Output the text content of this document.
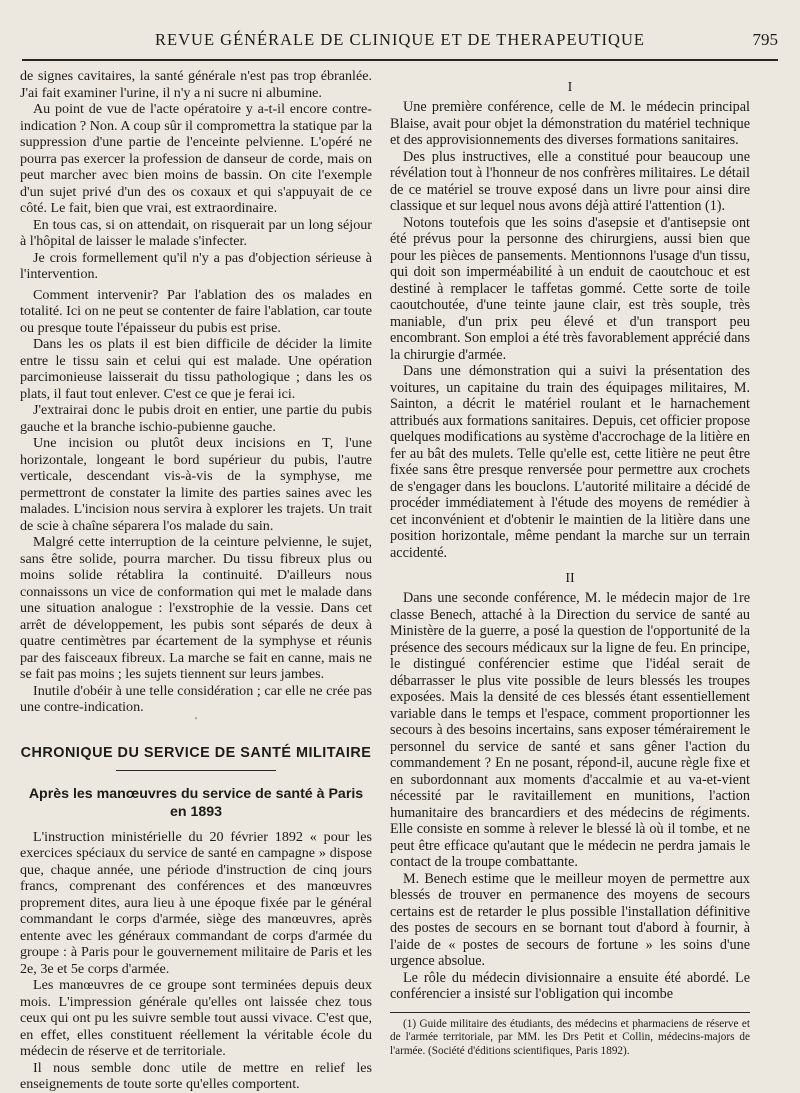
REVUE GÉNÉRALE DE CLINIQUE ET DE THERAPEUTIQUE	795

de signes cavitaires, la santé générale n'est pas trop ébranlée. J'ai fait examiner l'urine, il n'y a ni sucre ni albumine.

Au point de vue de l'acte opératoire y a-t-il encore contre-indication ? Non. A coup sûr il compromettra la statique par la suppression d'une partie de l'enceinte pelvienne. L'opéré ne pourra pas exercer la profession de danseur de corde, mais on peut marcher avec bien moins de bassin. On cite l'exemple d'un sujet privé d'un des os coxaux et qui s'appuyait de ce côté. Le fait, bien que vrai, est extraordinaire.

En tous cas, si on attendait, on risquerait par un long séjour à l'hôpital de laisser le malade s'infecter.

Je crois formellement qu'il n'y a pas d'objection sérieuse à l'intervention.

Comment intervenir? Par l'ablation des os malades en totalité. Ici on ne peut se contenter de faire l'ablation, car toute ou presque toute l'épaisseur du pubis est prise.

Dans les os plats il est bien difficile de décider la limite entre le tissu sain et celui qui est malade. Une opération parcimonieuse laisserait du tissu pathologique ; dans les os plats, il faut tout enlever. C'est ce que je ferai ici.

J'extrairai donc le pubis droit en entier, une partie du pubis gauche et la branche ischio-pubienne gauche.

Une incision ou plutôt deux incisions en T, l'une horizontale, longeant le bord supérieur du pubis, l'autre verticale, descendant vis-à-vis de la symphyse, me permettront de constater la limite des parties saines avec les malades. L'incision nous servira à explorer les trajets. Un trait de scie à chaîne séparera l'os malade du sain.

Malgré cette interruption de la ceinture pelvienne, le sujet, sans être solide, pourra marcher. Du tissu fibreux plus ou moins solide rétablira la continuité. D'ailleurs nous connaissons un vice de conformation qui met le malade dans une situation analogue : l'exstrophie de la vessie. Dans cet arrêt de développement, les pubis sont séparés de deux à quatre centimètres par écartement de la symphyse et réunis par des faisceaux fibreux. La marche se fait en canne, mais ne se fait pas moins ; les sujets tiennent sur leurs jambes.

Inutile d'obéir à une telle considération ; car elle ne crée pas une contre-indication.

'
CHRONIQUE DU SERVICE DE SANTÉ MILITAIRE
Après les manœuvres du service de santé à Paris
en 1893

L'instruction ministérielle du 20 février 1892 « pour les exercices spéciaux du service de santé en campagne » dispose que, chaque année, une période d'instruction de cinq jours francs, comprenant des conférences et des manœuvres proprement dites, aura lieu à une époque fixée par le général commandant le corps d'armée, siège des manœuvres, après entente avec les généraux commandant de corps d'armée du groupe : à Paris pour le gouvernement militaire de Paris et les 2e, 3e et 5e corps d'armée.

Les manœuvres de ce groupe sont terminées depuis deux mois. L'impression générale qu'elles ont laissée chez tous ceux qui ont pu les suivre semble tout aussi vivace. C'est que, en effet, elles constituent réellement la véritable école du médecin de réserve et de territoriale.

Il nous semble donc utile de mettre en relief les enseignements de toute sorte qu'elles comportent.

I

Une première conférence, celle de M. le médecin principal Blaise, avait pour objet la démonstration du matériel technique et des approvisionnements des diverses formations sanitaires.

Des plus instructives, elle a constitué pour beaucoup une révélation tout à l'honneur de nos confrères militaires. Le détail de ce matériel se trouve exposé dans un livre pour ainsi dire classique et sur lequel nous avons déjà attiré l'attention (1).

Notons toutefois que les soins d'asepsie et d'antisepsie ont été prévus pour la personne des chirurgiens, aussi bien que pour les pièces de pansements. Mentionnons l'usage d'un tissu, qui doit son imperméabilité à un enduit de caoutchouc et est destiné à remplacer le taffetas gommé. Cette sorte de toile caoutchoutée, d'une teinte jaune clair, est très souple, très maniable, d'un prix peu élevé et d'un transport peu encombrant. Son emploi a été très favorablement apprécié dans la chirurgie d'armée.

Dans une démonstration qui a suivi la présentation des voitures, un capitaine du train des équipages militaires, M. Sainton, a décrit le matériel roulant et le harnachement attribués aux formations sanitaires. Depuis, cet officier propose quelques modifications au système d'accrochage de la litière en fer au bât des mulets. Telle qu'elle est, cette litière ne peut être fixée sans être presque renversée pour permettre aux crochets de s'engager dans les bouclons. L'autorité militaire a décidé de procéder immédiatement à l'étude des moyens de remédier à cet inconvénient et d'obtenir le maintien de la litière dans une position horizontale, même pendant la marche sur un terrain accidenté.

II

Dans une seconde conférence, M. le médecin major de 1re classe Benech, attaché à la Direction du service de santé au Ministère de la guerre, a posé la question de l'opportunité de la présence des secours médicaux sur la ligne de feu. En principe, le distingué conférencier estime que l'idéal serait de débarrasser le plus vite possible de leurs blessés les troupes exposées. Mais la densité de ces blessés étant essentiellement variable dans le temps et l'espace, comment proportionner les secours à des besoins incertains, sans exposer témérairement le personnel du service de santé et sans gêner l'action du commandement ? En ne posant, répond-il, aucune règle fixe et en subordonnant aux moments d'accalmie et au va-et-vient nécessité par le ravitaillement en munitions, l'action humanitaire des brancardiers et des médecins de régiments. Elle consiste en somme à relever le blessé là où il tombe, et ne peut être efficace qu'autant que le médecin ne perdra jamais le contact de la troupe combattante.

M. Benech estime que le meilleur moyen de permettre aux blessés de trouver en permanence des moyens de secours certains est de retarder le plus possible l'installation définitive des postes de secours en se bornant tout d'abord à fournir, à l'aide de « postes de secours de fortune » les soins d'une urgence absolue.

Le rôle du médecin divisionnaire a ensuite été abordé. Le conférencier a insisté sur l'obligation qui incombe

(1) Guide militaire des étudiants, des médecins et pharmaciens de réserve et de l'armée territoriale, par MM. les Drs Petit et Collin, médecins-majors de l'armée. (Société d'éditions scientifiques, Paris 1892).
